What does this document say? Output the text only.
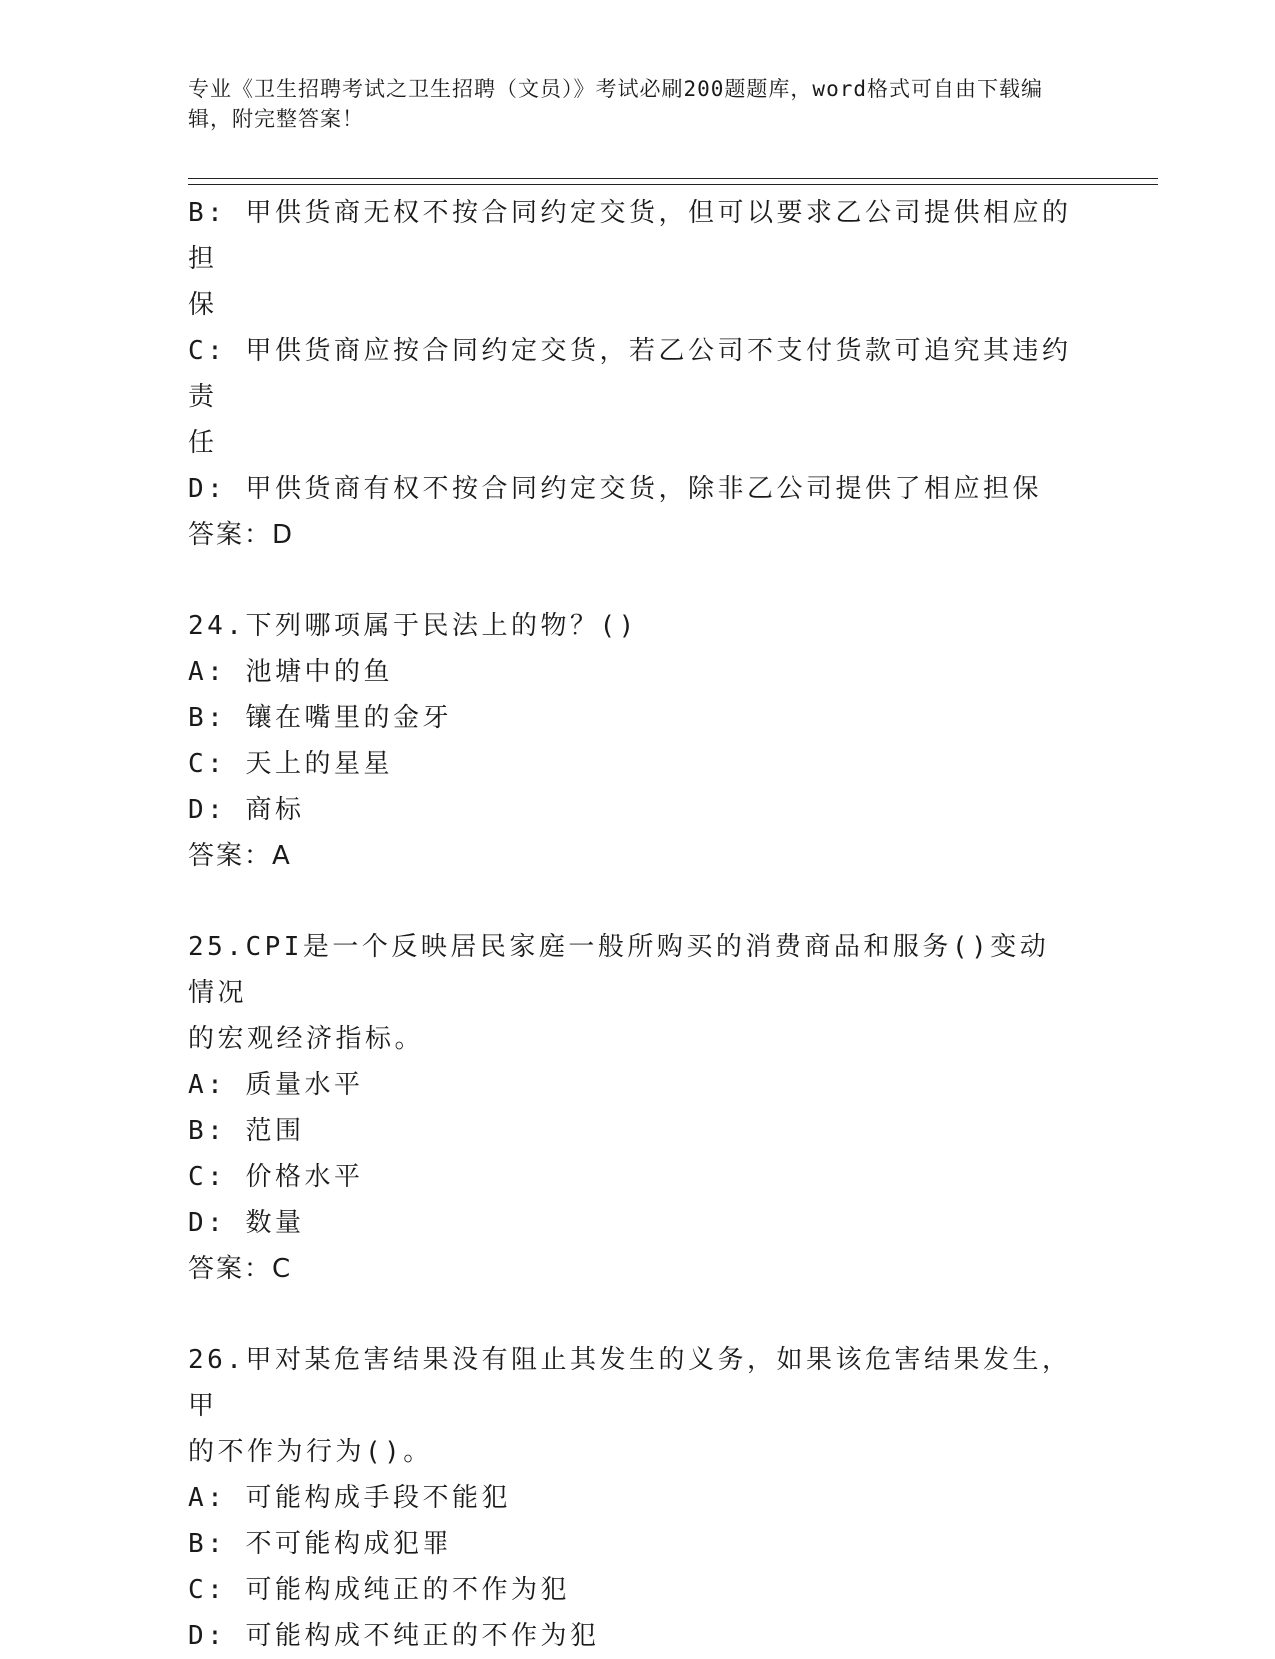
专业《卫生招聘考试之卫生招聘（文员）》考试必刷200题题库，word格式可自由下载编辑，附完整答案！
B: 甲供货商无权不按合同约定交货，但可以要求乙公司提供相应的担
保
C: 甲供货商应按合同约定交货，若乙公司不支付货款可追究其违约责
任
D: 甲供货商有权不按合同约定交货，除非乙公司提供了相应担保
答案：D
24.下列哪项属于民法上的物？()
A: 池塘中的鱼
B: 镶在嘴里的金牙
C: 天上的星星
D: 商标
答案：A
25.CPI是一个反映居民家庭一般所购买的消费商品和服务()变动情况
的宏观经济指标。
A: 质量水平
B: 范围
C: 价格水平
D: 数量
答案：C
26.甲对某危害结果没有阻止其发生的义务，如果该危害结果发生，甲
的不作为行为()。
A: 可能构成手段不能犯
B: 不可能构成犯罪
C: 可能构成纯正的不作为犯
D: 可能构成不纯正的不作为犯
